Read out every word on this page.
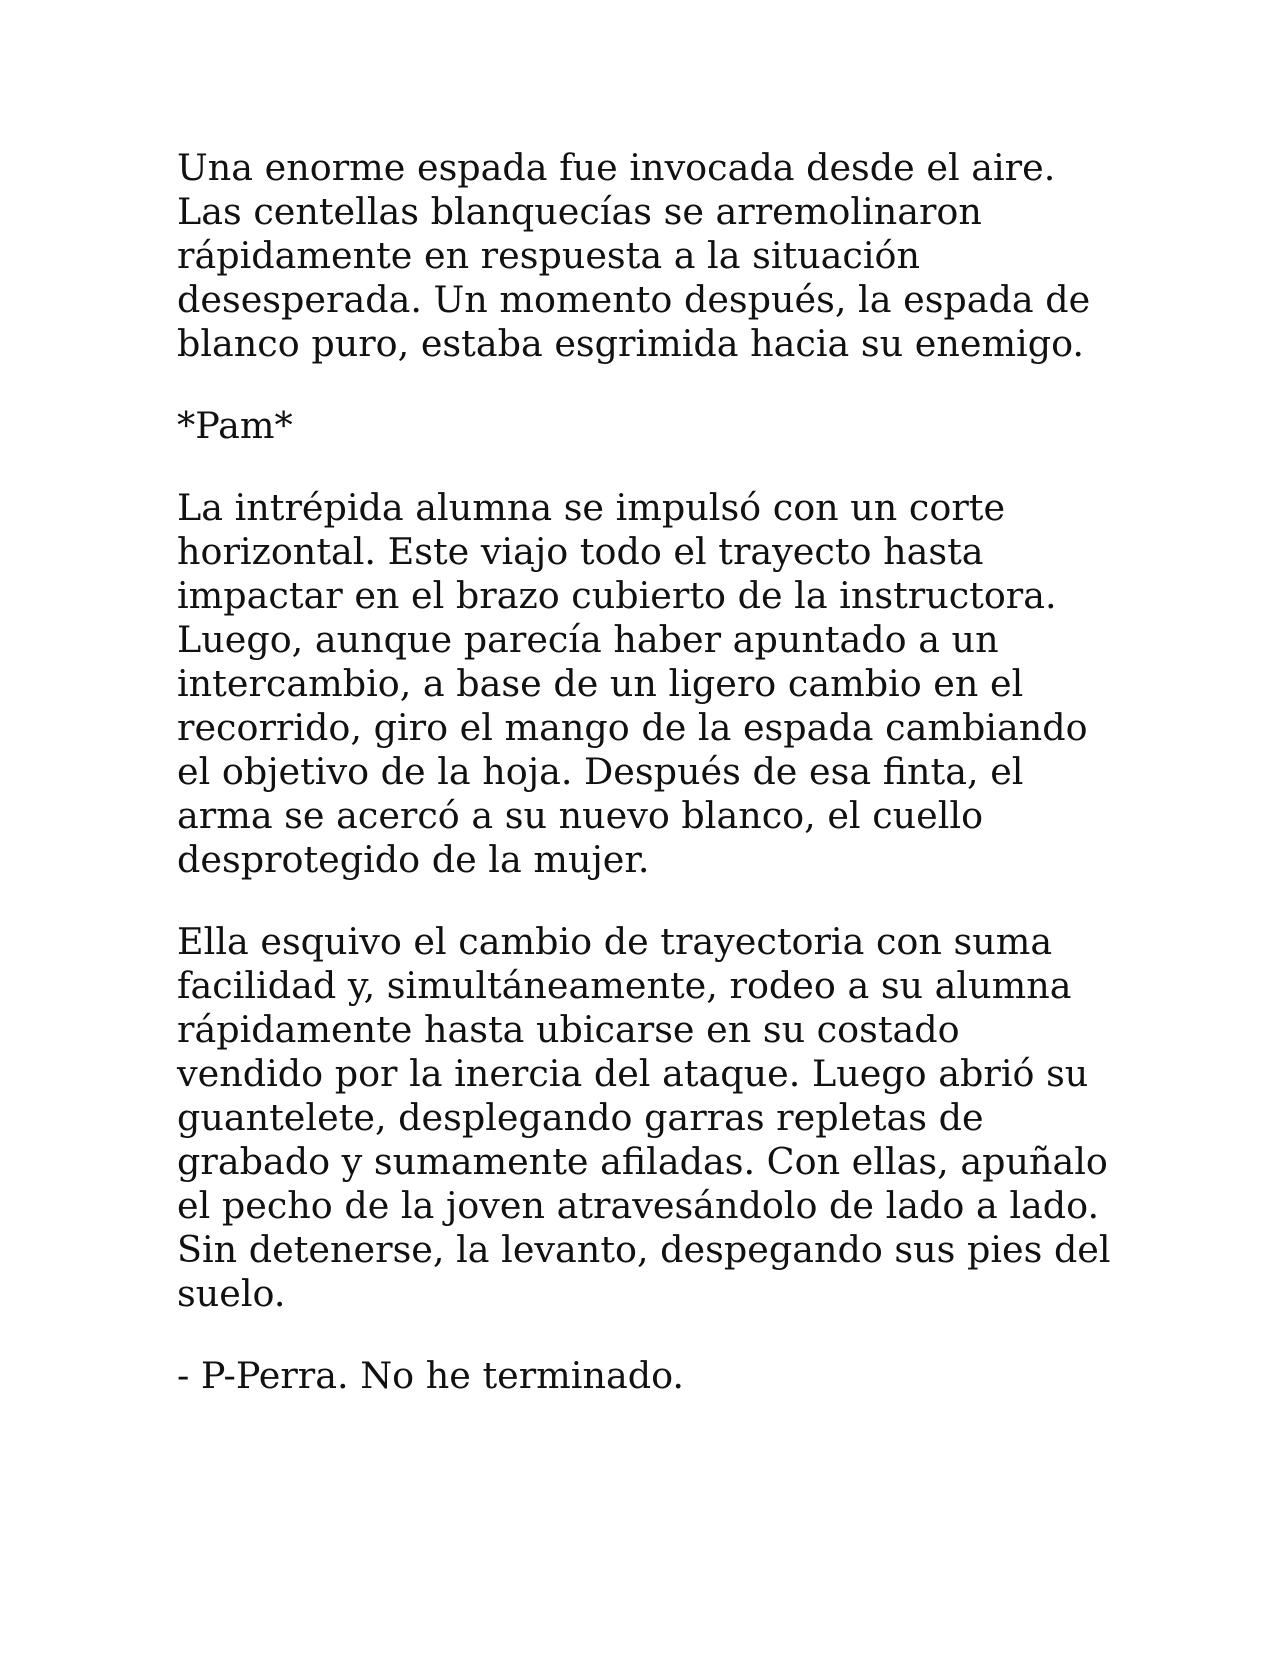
Una enorme espada fue invocada desde el aire.
Las centellas blanquecías se arremolinaron
rápidamente en respuesta a la situación
desesperada. Un momento después, la espada de
blanco puro, estaba esgrimida hacia su enemigo.

*Pam*

La intrépida alumna se impulsó con un corte
horizontal. Este viajo todo el trayecto hasta
impactar en el brazo cubierto de la instructora.
Luego, aunque parecía haber apuntado a un
intercambio, a base de un ligero cambio en el
recorrido, giro el mango de la espada cambiando
el objetivo de la hoja. Después de esa finta, el
arma se acercó a su nuevo blanco, el cuello
desprotegido de la mujer.

Ella esquivo el cambio de trayectoria con suma
facilidad y, simultáneamente, rodeo a su alumna
rápidamente hasta ubicarse en su costado
vendido por la inercia del ataque. Luego abrió su
guantelete, desplegando garras repletas de
grabado y sumamente afiladas. Con ellas, apuñalo
el pecho de la joven atravesándolo de lado a lado.
Sin detenerse, la levanto, despegando sus pies del
suelo.

- P-Perra. No he terminado.
